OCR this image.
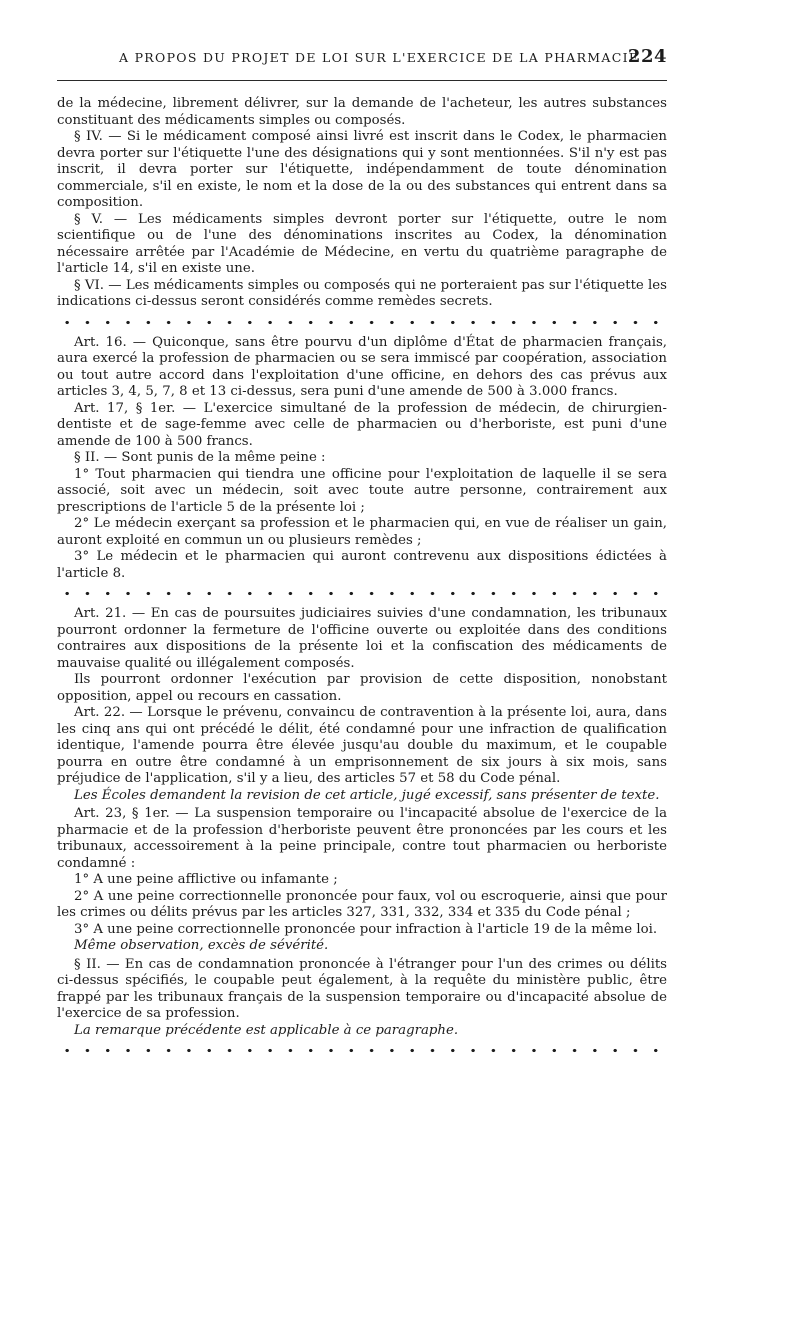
A PROPOS DU PROJET DE LOI SUR L'EXERCICE DE LA PHARMACIE
224

de la médecine, librement délivrer, sur la demande de l'acheteur, les autres substances constituant des médicaments simples ou composés.

§ IV. — Si le médicament composé ainsi livré est inscrit dans le Codex, le pharmacien devra porter sur l'étiquette l'une des désignations qui y sont mentionnées. S'il n'y est pas inscrit, il devra porter sur l'étiquette, indépendamment de toute dénomination commerciale, s'il en existe, le nom et la dose de la ou des substances qui entrent dans sa composition.

§ V. — Les médicaments simples devront porter sur l'étiquette, outre le nom scientifique ou de l'une des dénominations inscrites au Codex, la dénomination nécessaire arrêtée par l'Académie de Médecine, en vertu du quatrième paragraphe de l'article 14, s'il en existe une.

§ VI. — Les médicaments simples ou composés qui ne porteraient pas sur l'étiquette les indications ci-dessus seront considérés comme remèdes secrets.

Art. 16. — Quiconque, sans être pourvu d'un diplôme d'État de pharmacien français, aura exercé la profession de pharmacien ou se sera immiscé par coopération, association ou tout autre accord dans l'exploitation d'une officine, en dehors des cas prévus aux articles 3, 4, 5, 7, 8 et 13 ci-dessus, sera puni d'une amende de 500 à 3.000 francs.

Art. 17, § 1er. — L'exercice simultané de la profession de médecin, de chirurgien-dentiste et de sage-femme avec celle de pharmacien ou d'herboriste, est puni d'une amende de 100 à 500 francs.

§ II. — Sont punis de la même peine :

1° Tout pharmacien qui tiendra une officine pour l'exploitation de laquelle il se sera associé, soit avec un médecin, soit avec toute autre personne, contrairement aux prescriptions de l'article 5 de la présente loi ;

2° Le médecin exerçant sa profession et le pharmacien qui, en vue de réaliser un gain, auront exploité en commun un ou plusieurs remèdes ;

3° Le médecin et le pharmacien qui auront contrevenu aux dispositions édictées à l'article 8.

Art. 21. — En cas de poursuites judiciaires suivies d'une condamnation, les tribunaux pourront ordonner la fermeture de l'officine ouverte ou exploitée dans des conditions contraires aux dispositions de la présente loi et la confiscation des médicaments de mauvaise qualité ou illégalement composés.

Ils pourront ordonner l'exécution par provision de cette disposition, nonobstant opposition, appel ou recours en cassation.

Art. 22. — Lorsque le prévenu, convaincu de contravention à la présente loi, aura, dans les cinq ans qui ont précédé le délit, été condamné pour une infraction de qualification identique, l'amende pourra être élevée jusqu'au double du maximum, et le coupable pourra en outre être condamné à un emprisonnement de six jours à six mois, sans préjudice de l'application, s'il y a lieu, des articles 57 et 58 du Code pénal.

Les Écoles demandent la revision de cet article, jugé excessif, sans présenter de texte.

Art. 23, § 1er. — La suspension temporaire ou l'incapacité absolue de l'exercice de la pharmacie et de la profession d'herboriste peuvent être prononcées par les cours et les tribunaux, accessoirement à la peine principale, contre tout pharmacien ou herboriste condamné :

1° A une peine afflictive ou infamante ;

2° A une peine correctionnelle prononcée pour faux, vol ou escroquerie, ainsi que pour les crimes ou délits prévus par les articles 327, 331, 332, 334 et 335 du Code pénal ;

3° A une peine correctionnelle prononcée pour infraction à l'article 19 de la même loi.

Même observation, excès de sévérité.

§ II. — En cas de condamnation prononcée à l'étranger pour l'un des crimes ou délits ci-dessus spécifiés, le coupable peut également, à la requête du ministère public, être frappé par les tribunaux français de la suspension temporaire ou d'incapacité absolue de l'exercice de sa profession.

La remarque précédente est applicable à ce paragraphe.
